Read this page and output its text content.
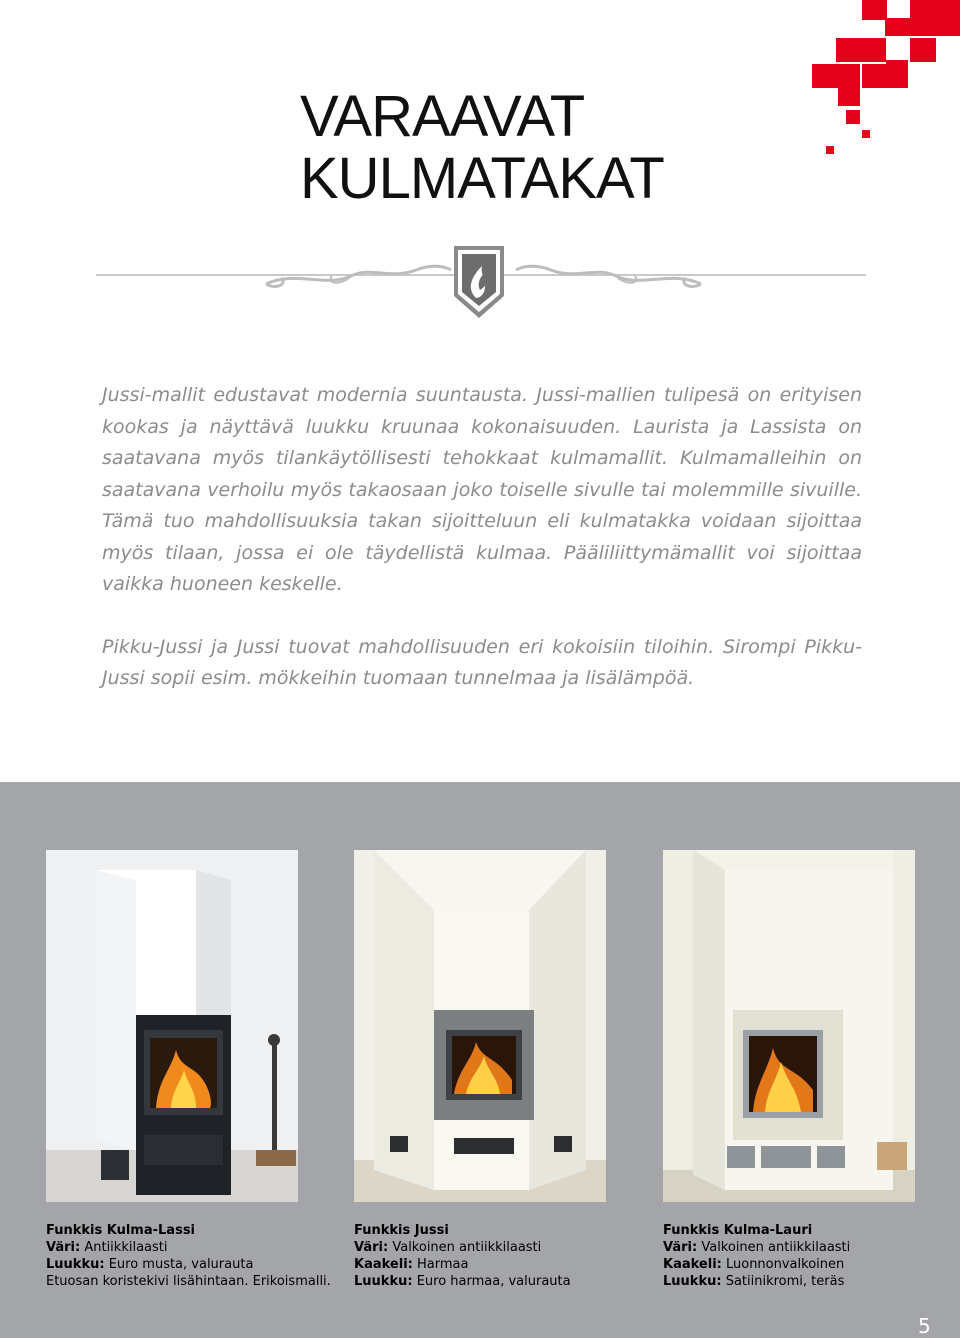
VARAAVAT
KULMATAKAT

Jussi-mallit edustavat modernia suuntausta. Jussi-mallien tulipesä on erityisen kookas ja näyttävä luukku kruunaa kokonaisuuden. Laurista ja Lassista on saatavana myös tilankäytöllisesti tehokkaat kulmamallit. Kulmamalleihin on saatavana verhoilu myös takaosaan joko toiselle sivulle tai molemmille sivuille. Tämä tuo mahdollisuuksia takan sijoitteluun eli kulmatakka voidaan sijoittaa myös tilaan, jossa ei ole täydellistä kulmaa. Pääliliittymämallit voi sijoittaa vaikka huoneen keskelle.

Pikku-Jussi ja Jussi tuovat mahdollisuuden eri kokoisiin tiloihin. Sirompi Pikku-Jussi sopii esim. mökkeihin tuomaan tunnelmaa ja lisälämpöä.

Funkkis Kulma-Lassi
Väri: Antiikkilaasti
Luukku: Euro musta, valurauta
Etuosan koristekivi lisähintaan. Erikoismalli.
Funkkis Jussi
Väri: Valkoinen antiikkilaasti
Kaakeli: Harmaa
Luukku: Euro harmaa, valurauta
Funkkis Kulma-Lauri
Väri: Valkoinen antiikkilaasti
Kaakeli: Luonnonvalkoinen
Luukku: Satiinikromi, teräs
5
